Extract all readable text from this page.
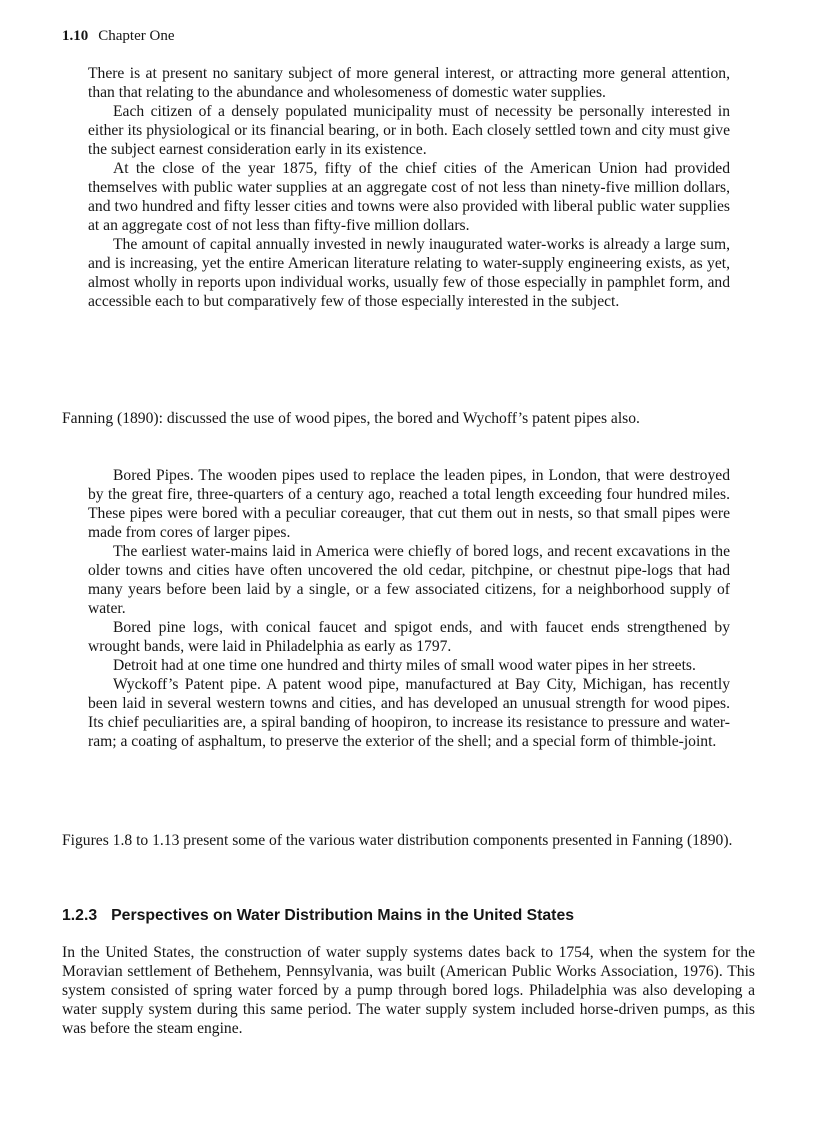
1.10 Chapter One

There is at present no sanitary subject of more general interest, or attracting more general attention, than that relating to the abundance and wholesomeness of domestic water supplies.

Each citizen of a densely populated municipality must of necessity be personally interested in either its physiological or its financial bearing, or in both. Each closely settled town and city must give the subject earnest consideration early in its existence.

At the close of the year 1875, fifty of the chief cities of the American Union had provided themselves with public water supplies at an aggregate cost of not less than ninety-five million dollars, and two hundred and fifty lesser cities and towns were also provided with liberal public water supplies at an aggregate cost of not less than fifty-five million dollars.

The amount of capital annually invested in newly inaugurated water-works is already a large sum, and is increasing, yet the entire American literature relating to water-supply engineering exists, as yet, almost wholly in reports upon individual works, usually few of those especially in pamphlet form, and accessible each to but comparatively few of those especially interested in the subject.

Fanning (1890): discussed the use of wood pipes, the bored and Wychoff’s patent pipes also.

Bored Pipes. The wooden pipes used to replace the leaden pipes, in London, that were destroyed by the great fire, three-quarters of a century ago, reached a total length exceeding four hundred miles. These pipes were bored with a peculiar coreauger, that cut them out in nests, so that small pipes were made from cores of larger pipes.

The earliest water-mains laid in America were chiefly of bored logs, and recent excavations in the older towns and cities have often uncovered the old cedar, pitchpine, or chestnut pipe-logs that had many years before been laid by a single, or a few associated citizens, for a neighborhood supply of water.

Bored pine logs, with conical faucet and spigot ends, and with faucet ends strengthened by wrought bands, were laid in Philadelphia as early as 1797.

Detroit had at one time one hundred and thirty miles of small wood water pipes in her streets.

Wyckoff’s Patent pipe. A patent wood pipe, manufactured at Bay City, Michigan, has recently been laid in several western towns and cities, and has developed an unusual strength for wood pipes. Its chief peculiarities are, a spiral banding of hoopiron, to increase its resistance to pressure and water-ram; a coating of asphaltum, to preserve the exterior of the shell; and a special form of thimble-joint.

Figures 1.8 to 1.13 present some of the various water distribution components presented in Fanning (1890).

1.2.3 Perspectives on Water Distribution Mains in the United States

In the United States, the construction of water supply systems dates back to 1754, when the system for the Moravian settlement of Bethehem, Pennsylvania, was built (American Public Works Association, 1976). This system consisted of spring water forced by a pump through bored logs. Philadelphia was also developing a water supply system during this same period. The water supply system included horse-driven pumps, as this was before the steam engine.
